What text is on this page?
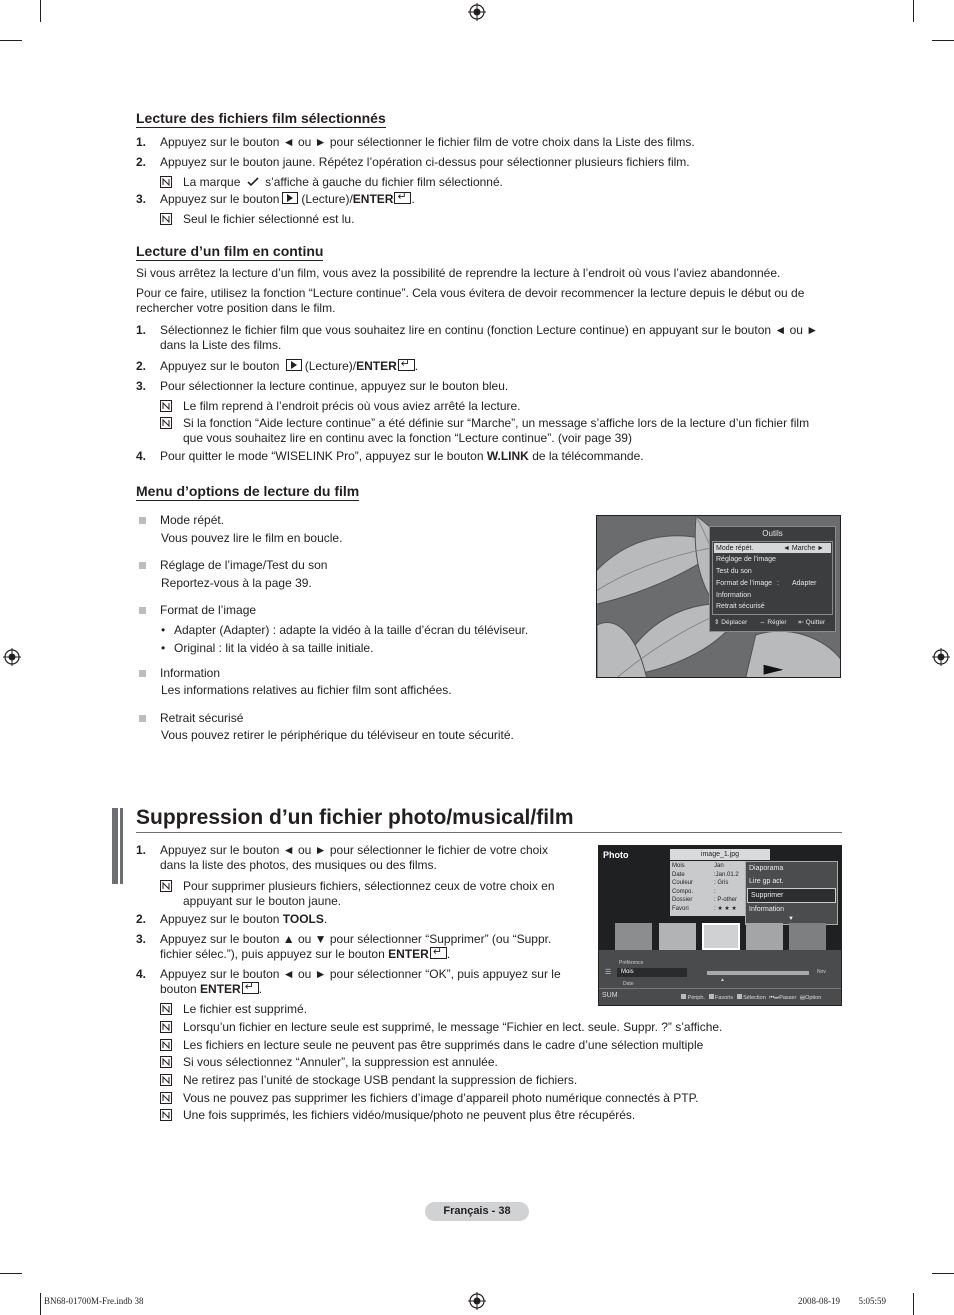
Lecture des fichiers film sélectionnés
1. Appuyez sur le bouton ◄ ou ► pour sélectionner le fichier film de votre choix dans la Liste des films.
2. Appuyez sur le bouton jaune. Répétez l’opération ci-dessus pour sélectionner plusieurs fichiers film.
La marque s’affiche à gauche du fichier film sélectionné.
3. Appuyez sur le bouton (Lecture)/ENTER ↵ .
Seul le fichier sélectionné est lu.
Lecture d’un film en continu
Si vous arrêtez la lecture d’un film, vous avez la possibilité de reprendre la lecture à l’endroit où vous l’aviez abandonnée.
Pour ce faire, utilisez la fonction “Lecture continue”. Cela vous évitera de devoir recommencer la lecture depuis le début ou de
rechercher votre position dans le film.
1. Sélectionnez le fichier film que vous souhaitez lire en continu (fonction Lecture continue) en appuyant sur le bouton ◄ ou ►
dans la Liste des films.
2. Appuyez sur le bouton (Lecture)/ENTER ↵ .
3. Pour sélectionner la lecture continue, appuyez sur le bouton bleu.
Le film reprend à l’endroit précis où vous aviez arrêté la lecture.
Si la fonction “Aide lecture continue” a été définie sur “Marche”, un message s’affiche lors de la lecture d’un fichier film
que vous souhaitez lire en continu avec la fonction “Lecture continue”. (voir page 39)
4. Pour quitter le mode “WISELINK Pro”, appuyez sur le bouton W.LINK de la télécommande.
Menu d’options de lecture du film
Mode répét.
Vous pouvez lire le film en boucle.
Réglage de l’image/Test du son
Reportez-vous à la page 39.
Format de l’image
• Adapter (Adapter) : adapte la vidéo à la taille d’écran du téléviseur.
• Original : lit la vidéo à sa taille initiale.
Information
Les informations relatives au fichier film sont affichées.
Retrait sécurisé
Vous pouvez retirer le périphérique du téléviseur en toute sécurité.
Outils
Mode répét.	◄ Marche ►
Réglage de l’image
Test du son
Format de l’image : Adapter
Information
Retrait sécurisé
⇕ Déplacer ⇔ Régler ⇤ Quitter
Suppression d’un fichier photo/musical/film
1. Appuyez sur le bouton ◄ ou ► pour sélectionner le fichier de votre choix
dans la liste des photos, des musiques ou des films.
Pour supprimer plusieurs fichiers, sélectionnez ceux de votre choix en
appuyant sur le bouton jaune.
2. Appuyez sur le bouton TOOLS.
3. Appuyez sur le bouton ▲ ou ▼ pour sélectionner “Supprimer” (ou “Suppr.
fichier sélec.”), puis appuyez sur le bouton ENTER ↵ .
4. Appuyez sur le bouton ◄ ou ► pour sélectionner “OK”, puis appuyez sur le
bouton ENTER ↵ .
Le fichier est supprimé.
Lorsqu’un fichier en lecture seule est supprimé, le message “Fichier en lect. seule. Suppr. ?” s’affiche.
Les fichiers en lecture seule ne peuvent pas être supprimés dans le cadre d’une sélection multiple
Si vous sélectionnez “Annuler”, la suppression est annulée.
Ne retirez pas l’unité de stockage USB pendant la suppression de fichiers.
Vous ne pouvez pas supprimer les fichiers d’image d’appareil photo numérique connectés à PTP.
Une fois supprimés, les fichiers vidéo/musique/photo ne peuvent plus être récupérés.
Photo	image_1.jpg
Mois	Jan
Date	:Jan.01.2
Couleur	: Gris
Compo.	:
Dossier	: P-other
Favori	: ★ ★ ★
Diaporama
Lire gp act.
Supprimer
Information
▼
Préférence
Mois
☰
Date
Nov
▲
SUM	Périph. Favoris Sélection ⏮⏭Passer ▤Option
Français - 38
BN68-01700M-Fre.indb 38	2008-08-19 ￿￿ 5:05:59
